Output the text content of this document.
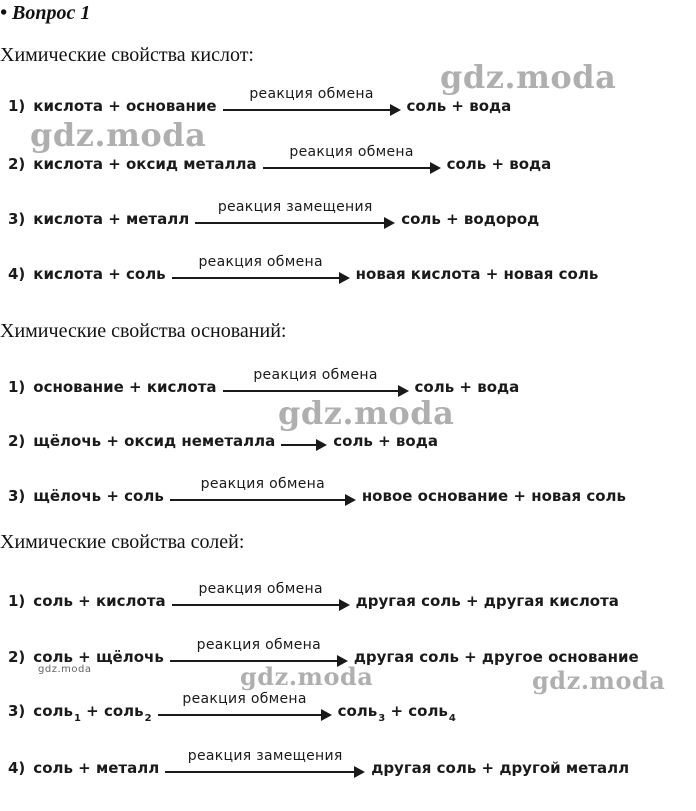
• Вопрос 1
Химические свойства кислот:
1) кислота + основание
реакция обмена
соль + вода
2) кислота + оксид металла
реакция обмена
соль + вода
3) кислота + металл
реакция замещения
соль + водород
4) кислота + соль
реакция обмена
новая кислота + новая соль
Химические свойства оснований:
1) основание + кислота
реакция обмена
соль + вода
2) щёлочь + оксид неметалла	соль + вода
3) щёлочь + соль
реакция обмена
новое основание + новая соль
Химические свойства солей:
1) соль + кислота
реакция обмена
другая соль + другая кислота
2) соль + щёлочь
реакция обмена
другая соль + другое основание
3) соль$_1$ + соль$_2$
реакция обмена
соль$_3$ + соль$_4$
4) соль + металл
реакция замещения
другая соль + другой металл
gdz.moda
gdz.moda
gdz.moda
gdz.moda	gdz.moda
gdz.moda
